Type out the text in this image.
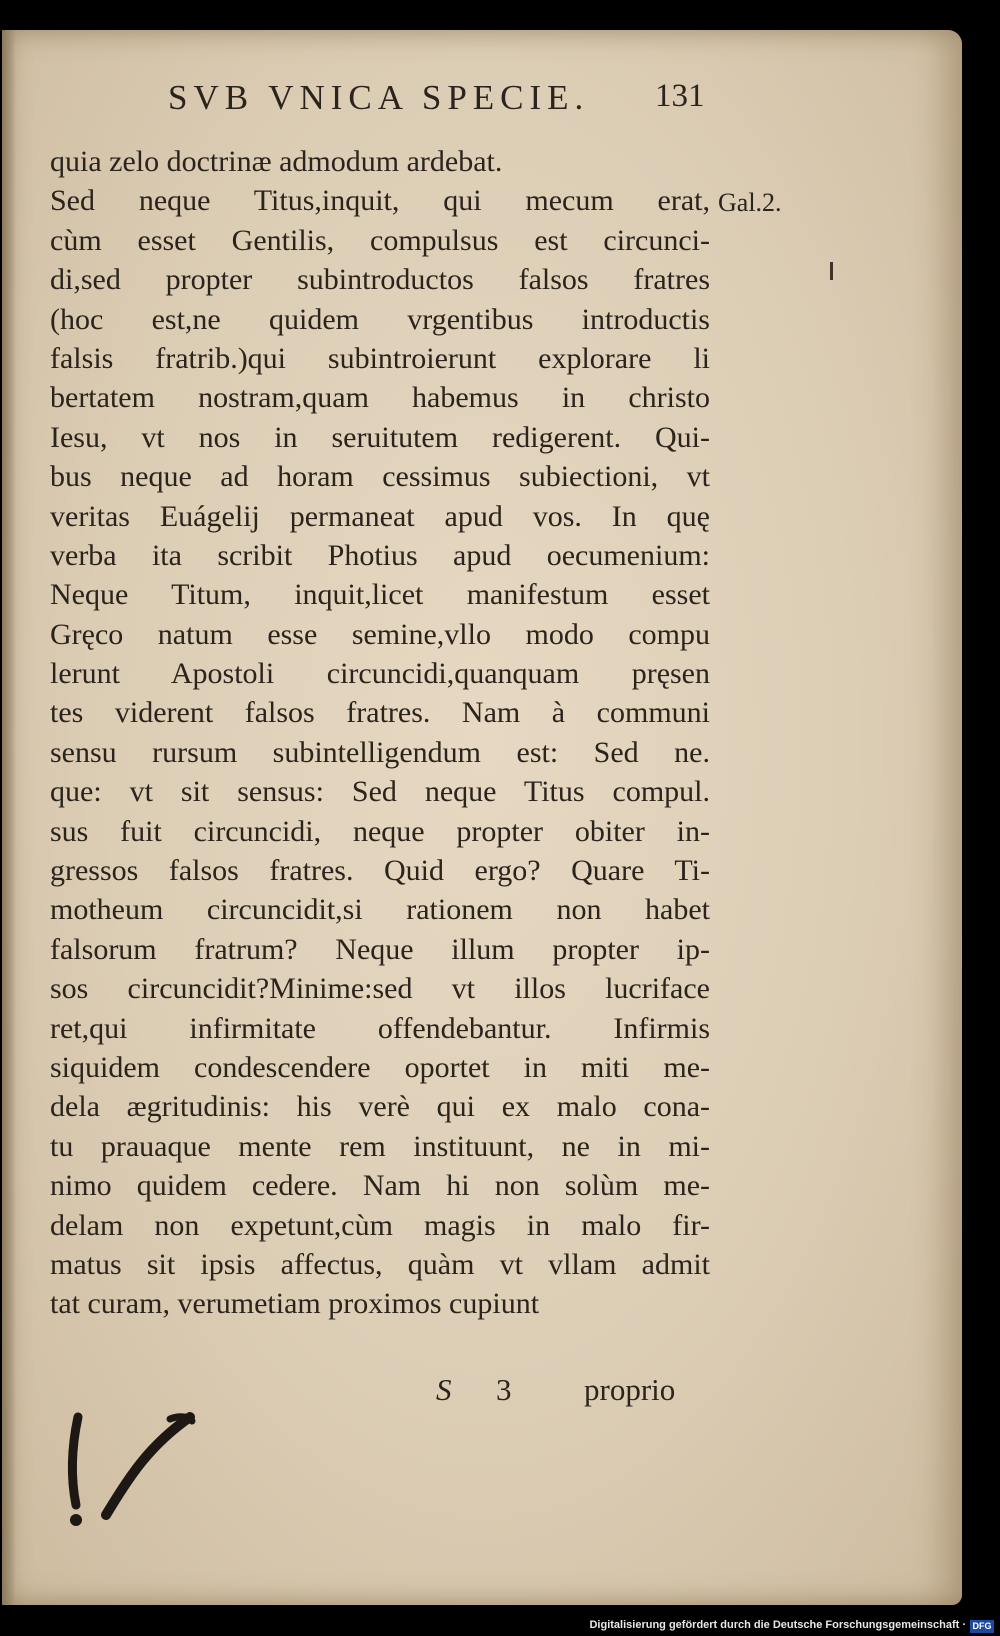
SVB VNICA SPECIE. 131
Gal.2.
quia zelo doctrinæ admodum ardebat.
Sed neque Titus,inquit, qui mecum erat,
cùm esset Gentilis, compulsus est circunci-
di,sed propter subintroductos falsos fratres
(hoc est,ne quidem vrgentibus introductis
falsis fratrib.)qui subintroierunt explorare li
bertatem nostram,quam habemus in christo
Iesu, vt nos in seruitutem redigerent. Qui-
bus neque ad horam cessimus subiectioni, vt
veritas Euágelij permaneat apud vos. In quę
verba ita scribit Photius apud oecumenium:
Neque Titum, inquit,licet manifestum esset
Gręco natum esse semine,vllo modo compu
lerunt Apostoli circuncidi,quanquam pręsen
tes viderent falsos fratres. Nam à communi
sensu rursum subintelligendum est: Sed ne.
que: vt sit sensus: Sed neque Titus compul.
sus fuit circuncidi, neque propter obiter in-
gressos falsos fratres. Quid ergo? Quare Ti-
motheum circuncidit,si rationem non habet
falsorum fratrum? Neque illum propter ip-
sos circuncidit?Minime:sed vt illos lucriface
ret,qui infirmitate offendebantur. Infirmis
siquidem condescendere oportet in miti me-
dela ægritudinis: his verè qui ex malo cona-
tu prauaque mente rem instituunt, ne in mi-
nimo quidem cedere. Nam hi non solùm me-
delam non expetunt,cùm magis in malo fir-
matus sit ipsis affectus, quàm vt vllam admit
tat curam, verumetiam proximos cupiunt
S 3 proprio
Digitalisierung gefördert durch die Deutsche Forschungsgemeinschaft · DFG
